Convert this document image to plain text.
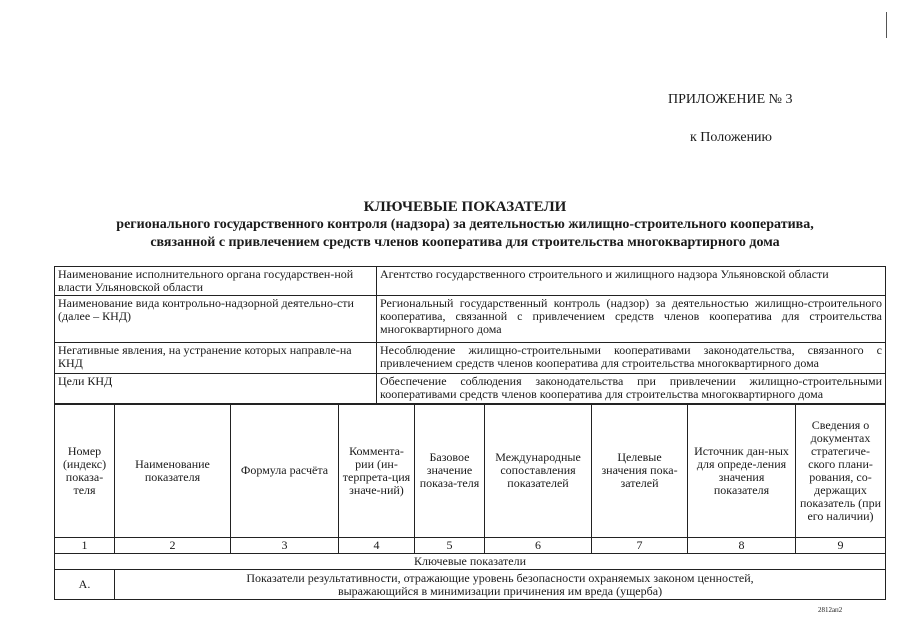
ПРИЛОЖЕНИЕ № 3
к Положению
КЛЮЧЕВЫЕ ПОКАЗАТЕЛИ
регионального государственного контроля (надзора) за деятельностью жилищно-строительного кооператива,
связанной с привлечением средств членов кооператива для строительства многоквартирного дома
Наименование исполнительного органа государствен-ной власти Ульяновской области	Агентство государственного строительного и жилищного надзора Ульяновской области
Наименование вида контрольно-надзорной деятельно-сти (далее – КНД)	Региональный государственный контроль (надзор) за деятельностью жилищно-строительного кооператива, связанной с привлечением средств членов кооператива для строительства многоквартирного дома
Негативные явления, на устранение которых направле-на КНД	Несоблюдение жилищно-строительными кооперативами законодательства, связанного с привлечением средств членов кооператива для строительства многоквартирного дома
Цели КНД	Обеспечение соблюдения законодательства при привлечении жилищно-строительными кооперативами средств членов кооператива для строительства многоквартирного дома
Номер (индекс) показа-теля	Наименование показателя	Формула расчёта	Коммента-рии (ин-терпрета-ция значе-ний)	Базовое значение показа-теля	Международные сопоставления показателей	Целевые значения пока-зателей	Источник дан-ных для опреде-ления значения показателя	Сведения о документах стратегиче-ского плани-рования, со-держащих показатель (при его наличии)
1	2	3	4	5	6	7	8	9
Ключевые показатели								
А.	Показатели результативности, отражающие уровень безопасности охраняемых законом ценностей,
выражающийся в минимизации причинения им вреда (ущерба)							
2812ап2
